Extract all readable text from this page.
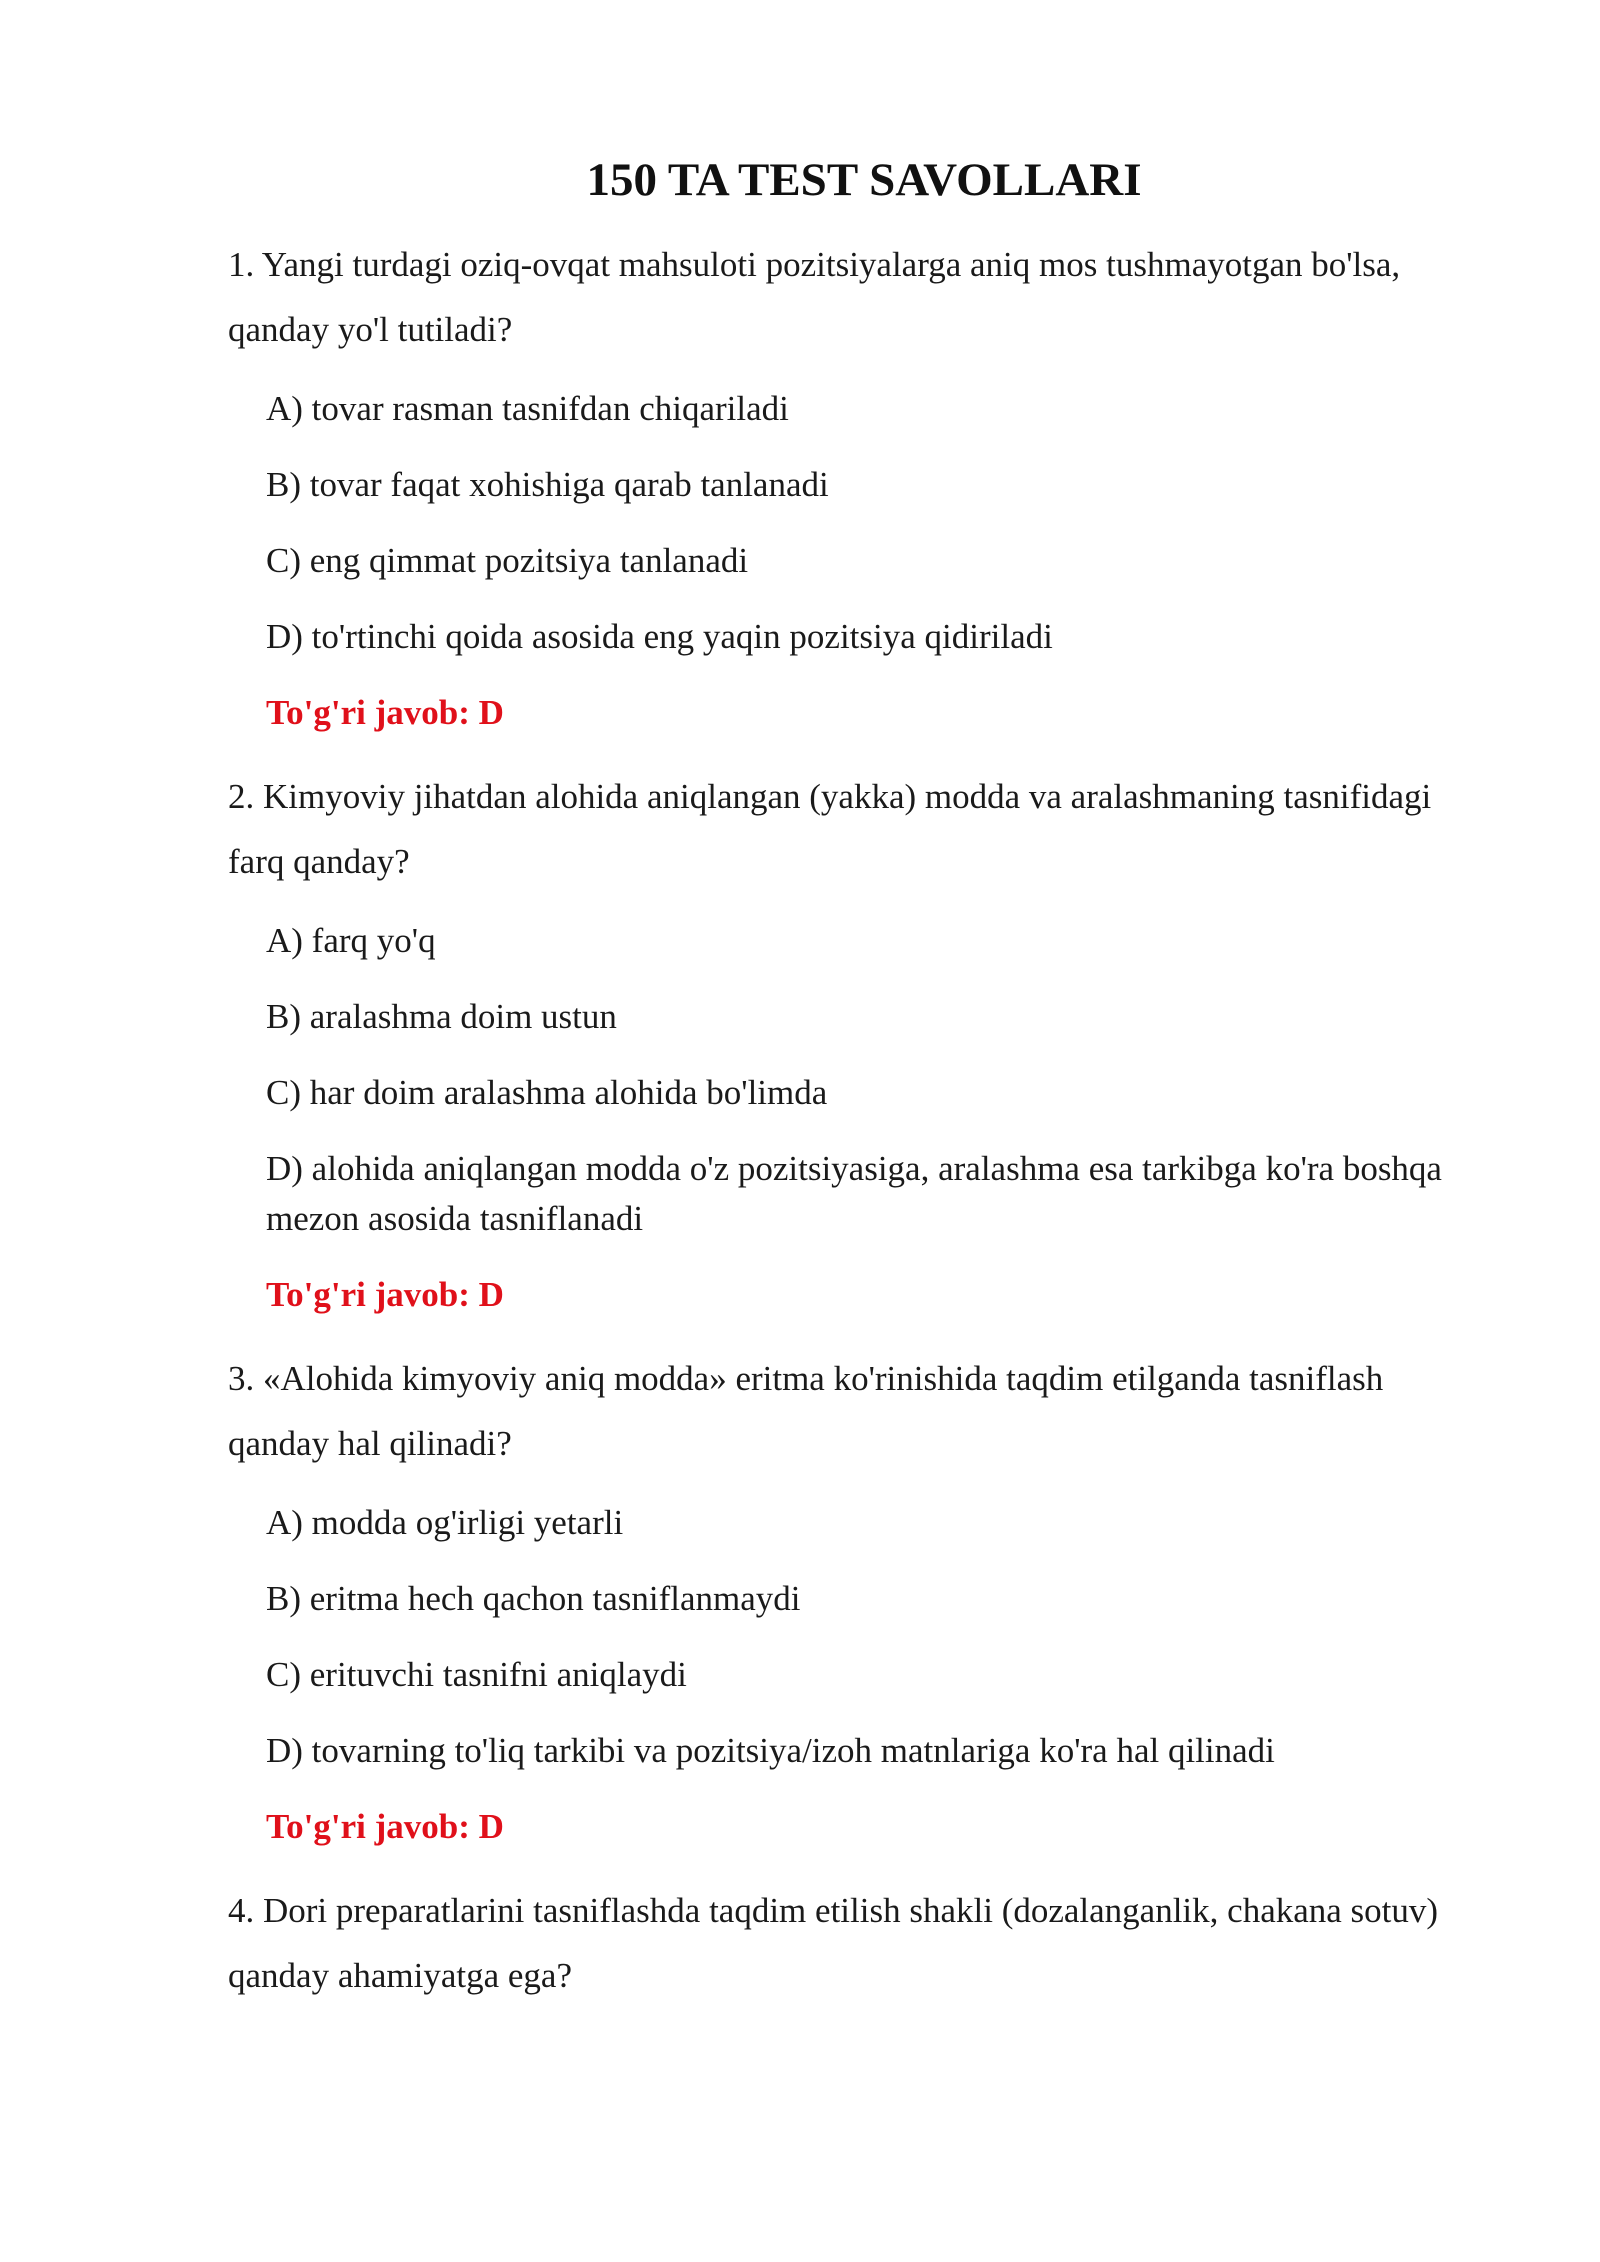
150 TA TEST SAVOLLARI

1. Yangi turdagi oziq-ovqat mahsuloti pozitsiyalarga aniq mos tushmayotgan bo'lsa, qanday yo'l tutiladi?

A) tovar rasman tasnifdan chiqariladi
B) tovar faqat xohishiga qarab tanlanadi
C) eng qimmat pozitsiya tanlanadi
D) to'rtinchi qoida asosida eng yaqin pozitsiya qidiriladi

To'g'ri javob: D

2. Kimyoviy jihatdan alohida aniqlangan (yakka) modda va aralashmaning tasnifidagi farq qanday?

A) farq yo'q
B) aralashma doim ustun
C) har doim aralashma alohida bo'limda
D) alohida aniqlangan modda o'z pozitsiyasiga, aralashma esa tarkibga ko'ra boshqa mezon asosida tasniflanadi

To'g'ri javob: D

3. «Alohida kimyoviy aniq modda» eritma ko'rinishida taqdim etilganda tasniflash qanday hal qilinadi?

A) modda og'irligi yetarli
B) eritma hech qachon tasniflanmaydi
C) erituvchi tasnifni aniqlaydi
D) tovarning to'liq tarkibi va pozitsiya/izoh matnlariga ko'ra hal qilinadi

To'g'ri javob: D

4. Dori preparatlarini tasniflashda taqdim etilish shakli (dozalanganlik, chakana sotuv) qanday ahamiyatga ega?
